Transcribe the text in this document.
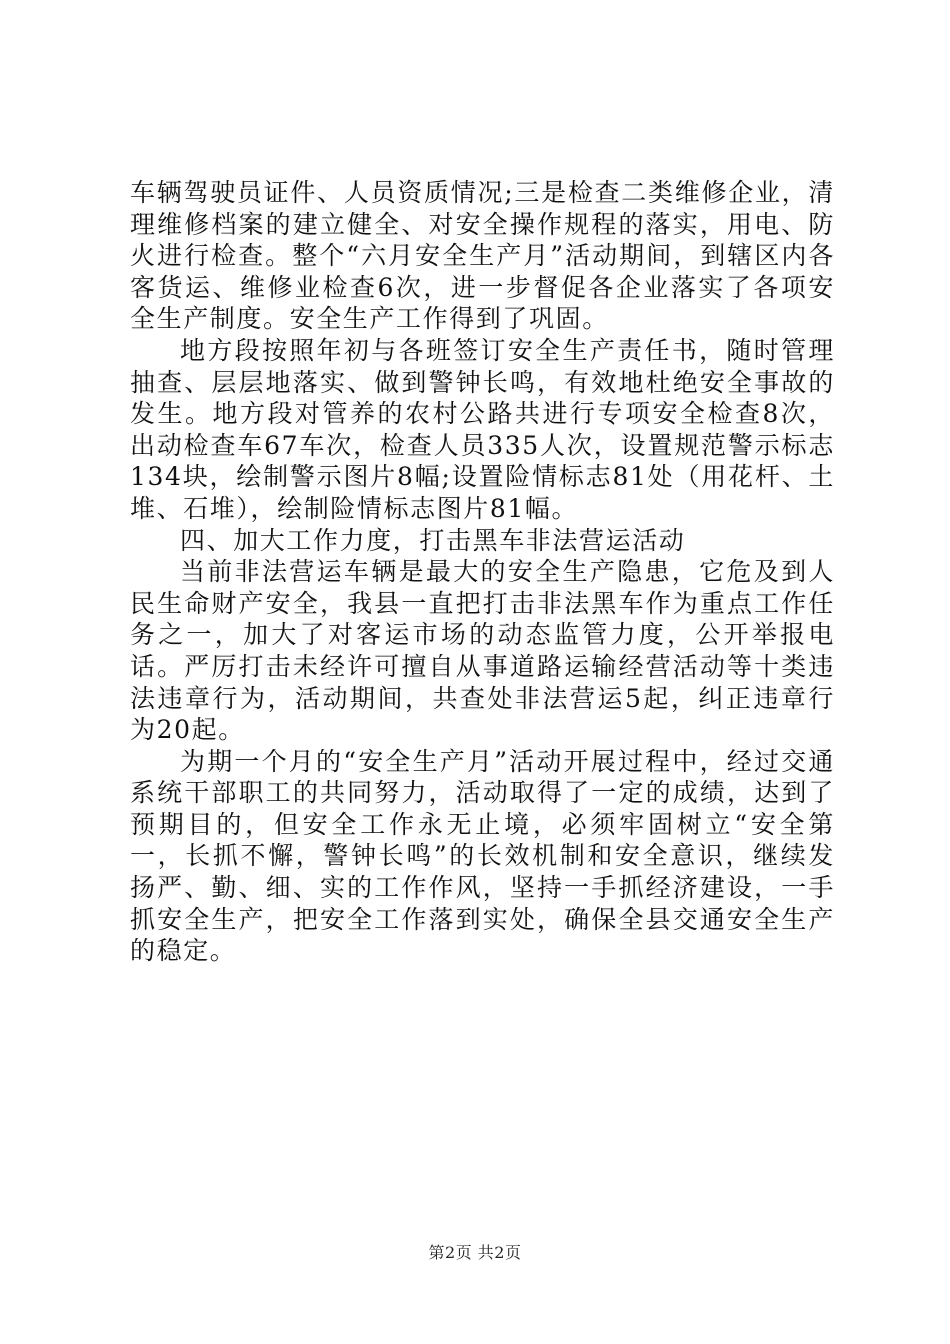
车辆驾驶员证件、人员资质情况;三是检查二类维修企业，清理维修档案的建立健全、对安全操作规程的落实，用电、防火进行检查。整个“六月安全生产月”活动期间，到辖区内各客货运、维修业检查6次，进一步督促各企业落实了各项安全生产制度。安全生产工作得到了巩固。

地方段按照年初与各班签订安全生产责任书，随时管理抽查、层层地落实、做到警钟长鸣，有效地杜绝安全事故的发生。地方段对管养的农村公路共进行专项安全检查8次，出动检查车67车次，检查人员335人次，设置规范警示标志134块，绘制警示图片8幅;设置险情标志81处（用花杆、土堆、石堆），绘制险情标志图片81幅。

四、加大工作力度，打击黑车非法营运活动

当前非法营运车辆是最大的安全生产隐患，它危及到人民生命财产安全，我县一直把打击非法黑车作为重点工作任务之一，加大了对客运市场的动态监管力度，公开举报电话。严厉打击未经许可擅自从事道路运输经营活动等十类违法违章行为，活动期间，共查处非法营运5起，纠正违章行为20起。

为期一个月的“安全生产月”活动开展过程中，经过交通系统干部职工的共同努力，活动取得了一定的成绩，达到了预期目的，但安全工作永无止境，必须牢固树立“安全第一，长抓不懈，警钟长鸣”的长效机制和安全意识，继续发扬严、勤、细、实的工作作风，坚持一手抓经济建设，一手抓安全生产，把安全工作落到实处，确保全县交通安全生产的稳定。

第2页 共2页
